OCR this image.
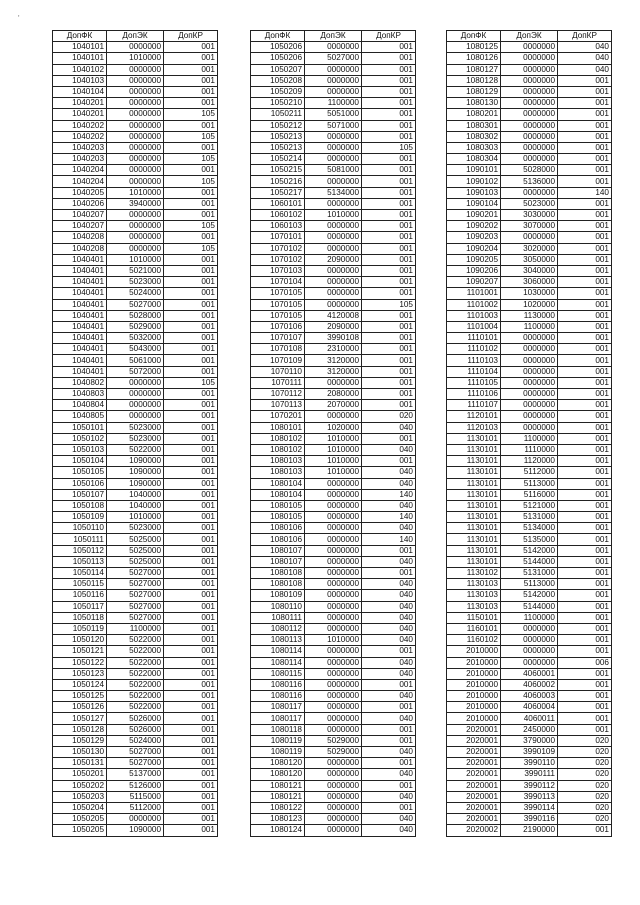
'
ДопФК	ДопЭК	ДопКР
1040101	0000000	001
1040101	1010000	001
1040102	0000000	001
1040103	0000000	001
1040104	0000000	001
1040201	0000000	001
1040201	0000000	105
1040202	0000000	001
1040202	0000000	105
1040203	0000000	001
1040203	0000000	105
1040204	0000000	001
1040204	0000000	105
1040205	1010000	001
1040206	3940000	001
1040207	0000000	001
1040207	0000000	105
1040208	0000000	001
1040208	0000000	105
1040401	1010000	001
1040401	5021000	001
1040401	5023000	001
1040401	5024000	001
1040401	5027000	001
1040401	5028000	001
1040401	5029000	001
1040401	5032000	001
1040401	5043000	001
1040401	5061000	001
1040401	5072000	001
1040802	0000000	105
1040803	0000000	001
1040804	0000000	001
1040805	0000000	001
1050101	5023000	001
1050102	5023000	001
1050103	5022000	001
1050104	1090000	001
1050105	1090000	001
1050106	1090000	001
1050107	1040000	001
1050108	1040000	001
1050109	1010000	001
1050110	5023000	001
1050111	5025000	001
1050112	5025000	001
1050113	5025000	001
1050114	5027000	001
1050115	5027000	001
1050116	5027000	001
1050117	5027000	001
1050118	5027000	001
1050119	1100000	001
1050120	5022000	001
1050121	5022000	001
1050122	5022000	001
1050123	5022000	001
1050124	5022000	001
1050125	5022000	001
1050126	5022000	001
1050127	5026000	001
1050128	5026000	001
1050129	5024000	001
1050130	5027000	001
1050131	5027000	001
1050201	5137000	001
1050202	5126000	001
1050203	5115000	001
1050204	5112000	001
1050205	0000000	001
1050205	1090000	001
ДопФК	ДопЭК	ДопКР
1050206	0000000	001
1050206	5027000	001
1050207	0000000	001
1050208	0000000	001
1050209	0000000	001
1050210	1100000	001
1050211	5051000	001
1050212	5071000	001
1050213	0000000	001
1050213	0000000	105
1050214	0000000	001
1050215	5081000	001
1050216	0000000	001
1050217	5134000	001
1060101	0000000	001
1060102	1010000	001
1060103	0000000	001
1070101	0000000	001
1070102	0000000	001
1070102	2090000	001
1070103	0000000	001
1070104	0000000	001
1070105	0000000	001
1070105	0000000	105
1070105	4120008	001
1070106	2090000	001
1070107	3990108	001
1070108	2310000	001
1070109	3120000	001
1070110	3120000	001
1070111	0000000	001
1070112	2080000	001
1070113	2070000	001
1070201	0000000	020
1080101	1020000	040
1080102	1010000	001
1080102	1010000	040
1080103	1010000	001
1080103	1010000	040
1080104	0000000	040
1080104	0000000	140
1080105	0000000	040
1080105	0000000	140
1080106	0000000	040
1080106	0000000	140
1080107	0000000	001
1080107	0000000	040
1080108	0000000	001
1080108	0000000	040
1080109	0000000	040
1080110	0000000	040
1080111	0000000	040
1080112	0000000	040
1080113	1010000	040
1080114	0000000	001
1080114	0000000	040
1080115	0000000	040
1080116	0000000	001
1080116	0000000	040
1080117	0000000	001
1080117	0000000	040
1080118	0000000	001
1080119	5029000	001
1080119	5029000	040
1080120	0000000	001
1080120	0000000	040
1080121	0000000	001
1080121	0000000	040
1080122	0000000	001
1080123	0000000	040
1080124	0000000	040
ДопФК	ДопЭК	ДопКР
1080125	0000000	040
1080126	0000000	040
1080127	0000000	040
1080128	0000000	001
1080129	0000000	001
1080130	0000000	001
1080201	0000000	001
1080301	0000000	001
1080302	0000000	001
1080303	0000000	001
1080304	0000000	001
1090101	5028000	001
1090102	5136000	001
1090103	0000000	140
1090104	5023000	001
1090201	3030000	001
1090202	3070000	001
1090203	0000000	001
1090204	3020000	001
1090205	3050000	001
1090206	3040000	001
1090207	3060000	001
1101001	1030000	001
1101002	1020000	001
1101003	1130000	001
1101004	1100000	001
1110101	0000000	001
1110102	0000000	001
1110103	0000000	001
1110104	0000000	001
1110105	0000000	001
1110106	0000000	001
1110107	0000000	001
1120101	0000000	001
1120103	0000000	001
1130101	1100000	001
1130101	1110000	001
1130101	1120000	001
1130101	5112000	001
1130101	5113000	001
1130101	5116000	001
1130101	5121000	001
1130101	5131000	001
1130101	5134000	001
1130101	5135000	001
1130101	5142000	001
1130101	5144000	001
1130102	5131000	001
1130103	5113000	001
1130103	5142000	001
1130103	5144000	001
1150101	1100000	001
1160101	0000000	001
1160102	0000000	001
2010000	0000000	001
2010000	0000000	006
2010000	4060001	001
2010000	4060002	001
2010000	4060003	001
2010000	4060004	001
2010000	4060011	001
2020001	2450000	001
2020001	3790000	020
2020001	3990109	020
2020001	3990110	020
2020001	3990111	020
2020001	3990112	020
2020001	3990113	020
2020001	3990114	020
2020001	3990116	020
2020002	2190000	001
